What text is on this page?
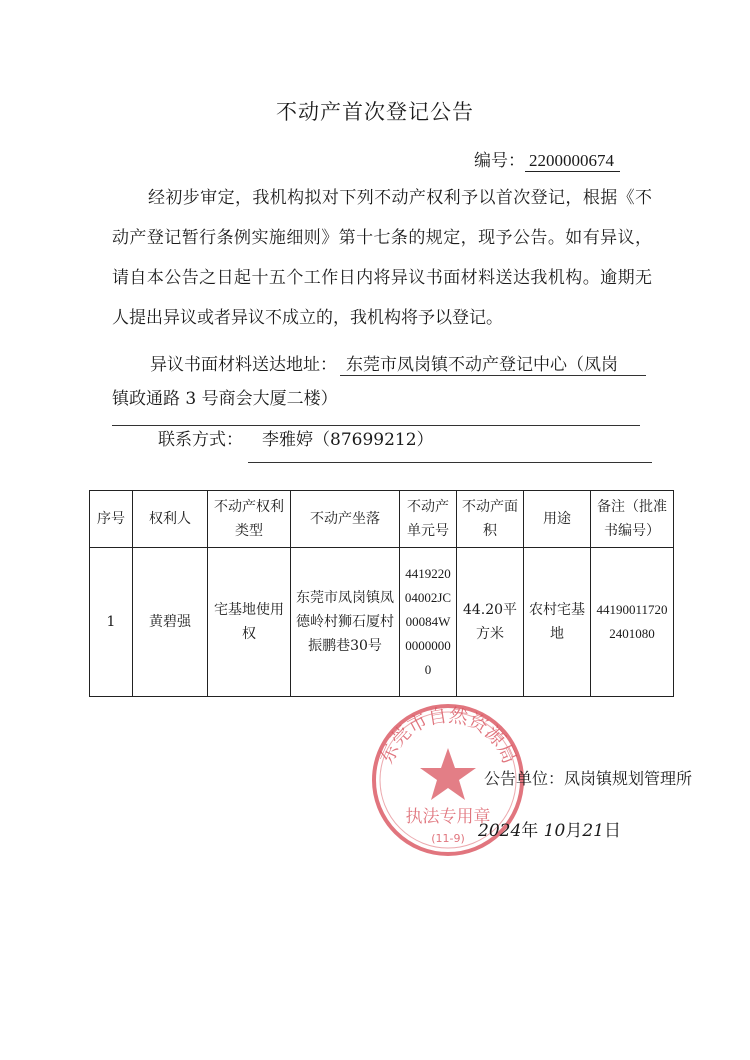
不动产首次登记公告
编号： 2200000674
经初步审定，我机构拟对下列不动产权利予以首次登记，根据《不动产登记暂行条例实施细则》第十七条的规定，现予公告。如有异议，请自本公告之日起十五个工作日内将异议书面材料送达我机构。逾期无人提出异议或者异议不成立的，我机构将予以登记。
异议书面材料送达地址： 东莞市凤岗镇不动产登记中心（凤岗
镇政通路 3 号商会大厦二楼）
联系方式：	李雅婷（87699212）
序号	权利人	不动产权利类型	不动产坐落	不动产单元号	不动产面积	用途	备注（批准书编号）
1	黄碧强	宅基地使用权	东莞市凤岗镇凤德岭村狮石厦村振鹏巷30号	441922004002JC00084W00000000	44.20平方米	农村宅基地	441900117202401080
东莞市自然资源局
执法专用章
(11-9)
公告单位：凤岗镇规划管理所
2024年 10月21日
